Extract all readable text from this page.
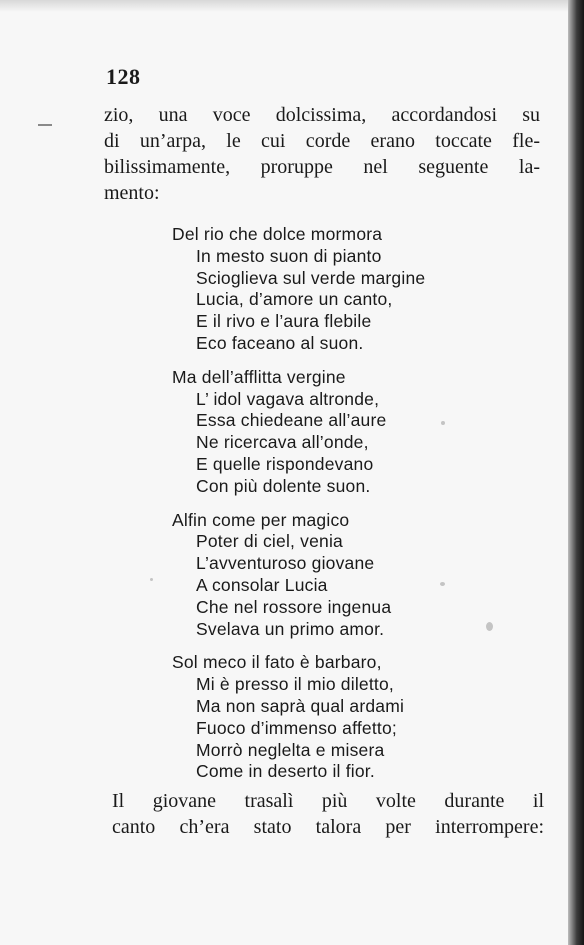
128
zio, una voce dolcissima, accordandosi su
di un’arpa, le cui corde erano toccate fle-
bilissimamente, proruppe nel seguente la-
mento:
Del rio che dolce mormora
In mesto suon di pianto
Scioglieva sul verde margine
Lucia, d’amore un canto,
E il rivo e l’aura flebile
Eco faceano al suon.
Ma dell’afflitta vergine
L’ idol vagava altronde,
Essa chiedeane all’aure
Ne ricercava all’onde,
E quelle rispondevano
Con più dolente suon.
Alfin come per magico
Poter di ciel, venia
L’avventuroso giovane
A consolar Lucia
Che nel rossore ingenua
Svelava un primo amor.
Sol meco il fato è barbaro,
Mi è presso il mio diletto,
Ma non saprà qual ardami
Fuoco d’immenso affetto;
Morrò neglelta e misera
Come in deserto il fior.
Il giovane trasalì più volte durante il
canto ch’era stato talora per interrompere:
